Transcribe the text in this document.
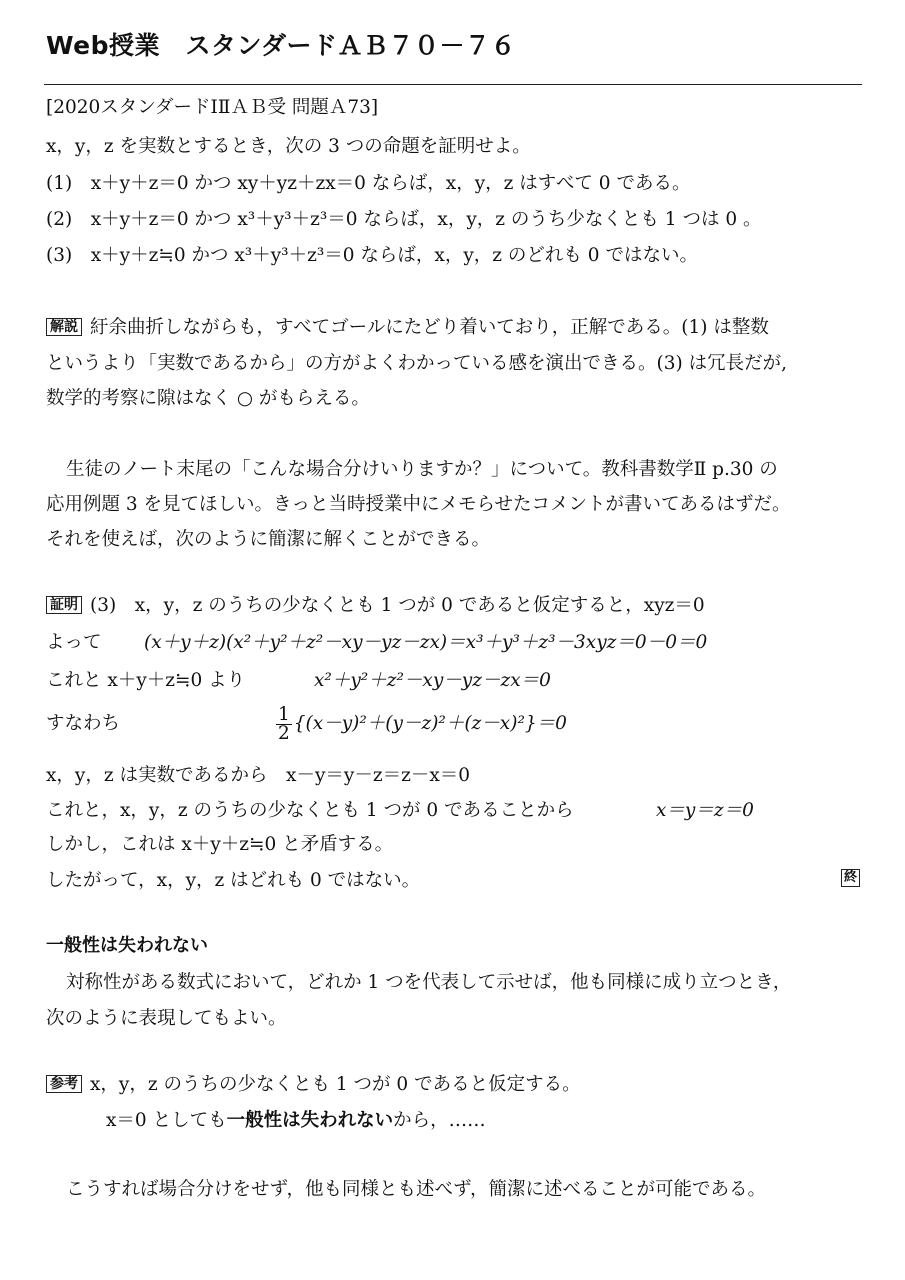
Web授業　スタンダードＡＢ７０－７６
[2020スタンダードⅠⅡＡＢ受 問題Ａ73]
x，y，z を実数とするとき，次の 3 つの命題を証明せよ。
(1)　x＋y＋z＝0 かつ xy＋yz＋zx＝0 ならば，x，y，z はすべて 0 である。
(2)　x＋y＋z＝0 かつ x³＋y³＋z³＝0 ならば，x，y，z のうち少なくとも 1 つは 0 。
(3)　x＋y＋z≒0 かつ x³＋y³＋z³＝0 ならば，x，y，z のどれも 0 ではない。
解説 紆余曲折しながらも，すべてゴールにたどり着いており，正解である。(1) は整数
というより「実数であるから」の方がよくわかっている感を演出できる。(3) は冗長だが,
数学的考察に隙はなく ○ がもらえる。
生徒のノート末尾の「こんな場合分けいりますか？」について。教科書数学Ⅱ p.30 の
応用例題 3 を見てほしい。きっと当時授業中にメモらせたコメントが書いてあるはずだ。
それを使えば，次のように簡潔に解くことができる。
証明 (3)　x，y，z のうちの少なくとも 1 つが 0 であると仮定すると，xyz＝0
よって (x＋y＋z)(x²＋y²＋z²－xy－yz－zx)＝x³＋y³＋z³－3xyz＝0－0＝0
これと x＋y＋z≒0 より	x²＋y²＋z²－xy－yz－zx＝0
すなわち	$\frac{1}{2} \{(x-y)^2+(y-z)^2+(z-x)^2\}=0$
x，y，z は実数であるから　x－y＝y－z＝z－x＝0
これと，x，y，z のうちの少なくとも 1 つが 0 であることから	x＝y＝z＝0
しかし，これは x＋y＋z≒0 と矛盾する。
したがって，x，y，z はどれも 0 ではない。	終
一般性は失われない
対称性がある数式において，どれか 1 つを代表して示せば，他も同様に成り立つとき，
次のように表現してもよい。
参考 x，y，z のうちの少なくとも 1 つが 0 であると仮定する。
x＝0 としても一般性は失われないから，……
こうすれば場合分けをせず，他も同様とも述べず，簡潔に述べることが可能である。
